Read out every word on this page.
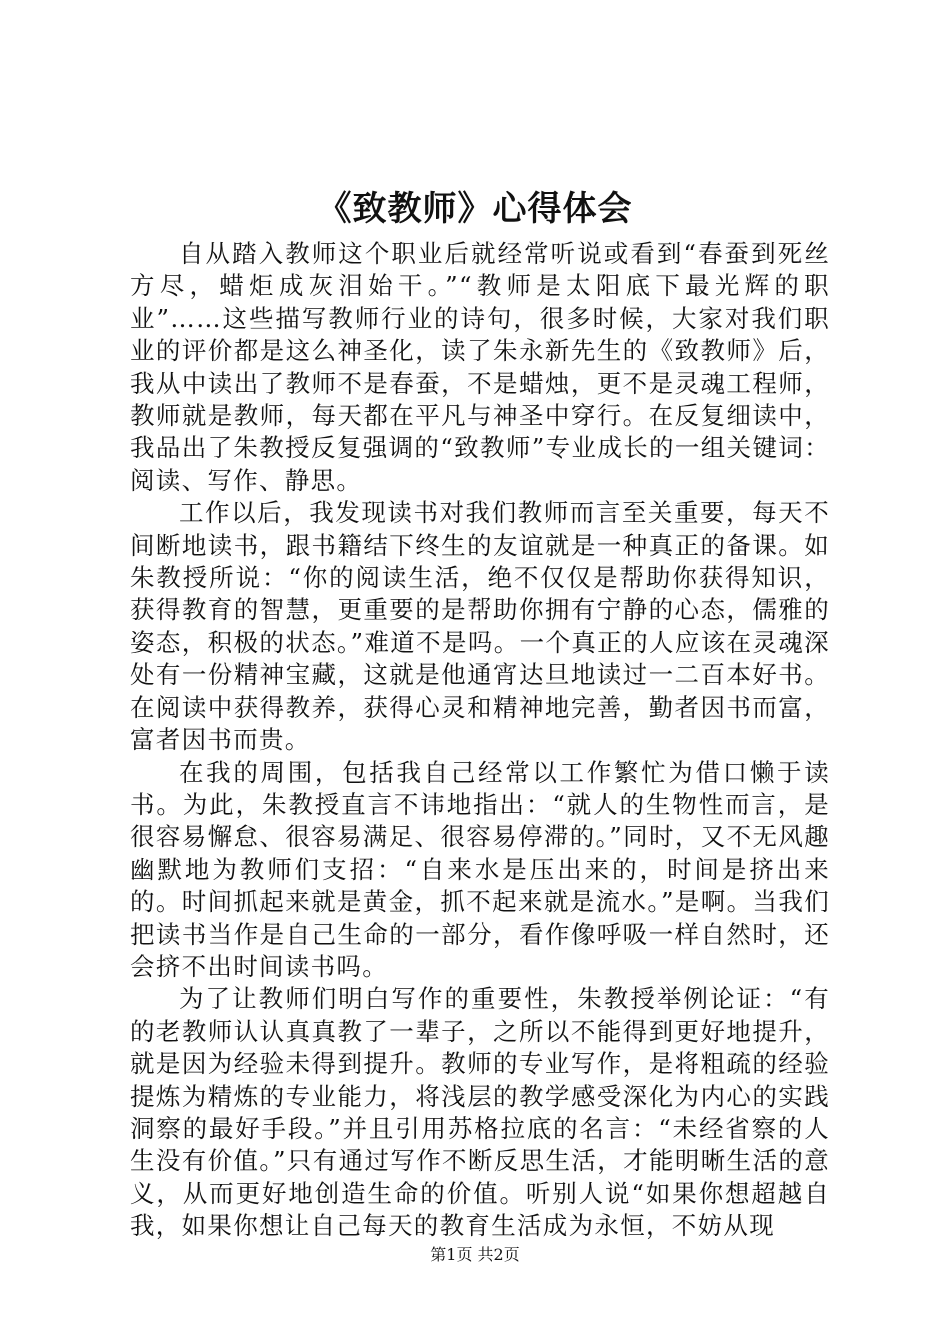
《致教师》心得体会

自从踏入教师这个职业后就经常听说或看到“春蚕到死丝方尽，蜡炬成灰泪始干。”“教师是太阳底下最光辉的职业”……这些描写教师行业的诗句，很多时候，大家对我们职业的评价都是这么神圣化，读了朱永新先生的《致教师》后，我从中读出了教师不是春蚕，不是蜡烛，更不是灵魂工程师，教师就是教师，每天都在平凡与神圣中穿行。在反复细读中，我品出了朱教授反复强调的“致教师”专业成长的一组关键词：阅读、写作、静思。

工作以后，我发现读书对我们教师而言至关重要，每天不间断地读书，跟书籍结下终生的友谊就是一种真正的备课。如朱教授所说：“你的阅读生活，绝不仅仅是帮助你获得知识，获得教育的智慧，更重要的是帮助你拥有宁静的心态，儒雅的姿态，积极的状态。”难道不是吗。一个真正的人应该在灵魂深处有一份精神宝藏，这就是他通宵达旦地读过一二百本好书。在阅读中获得教养，获得心灵和精神地完善，勤者因书而富，富者因书而贵。

在我的周围，包括我自己经常以工作繁忙为借口懒于读书。为此，朱教授直言不讳地指出：“就人的生物性而言，是很容易懈怠、很容易满足、很容易停滞的。”同时，又不无风趣幽默地为教师们支招：“自来水是压出来的，时间是挤出来的。时间抓起来就是黄金，抓不起来就是流水。”是啊。当我们把读书当作是自己生命的一部分，看作像呼吸一样自然时，还会挤不出时间读书吗。

为了让教师们明白写作的重要性，朱教授举例论证：“有的老教师认认真真教了一辈子，之所以不能得到更好地提升，就是因为经验未得到提升。教师的专业写作，是将粗疏的经验提炼为精炼的专业能力，将浅层的教学感受深化为内心的实践洞察的最好手段。”并且引用苏格拉底的名言：“未经省察的人生没有价值。”只有通过写作不断反思生活，才能明晰生活的意义，从而更好地创造生命的价值。听别人说“如果你想超越自我，如果你想让自己每天的教育生活成为永恒，不妨从现

第1页 共2页
